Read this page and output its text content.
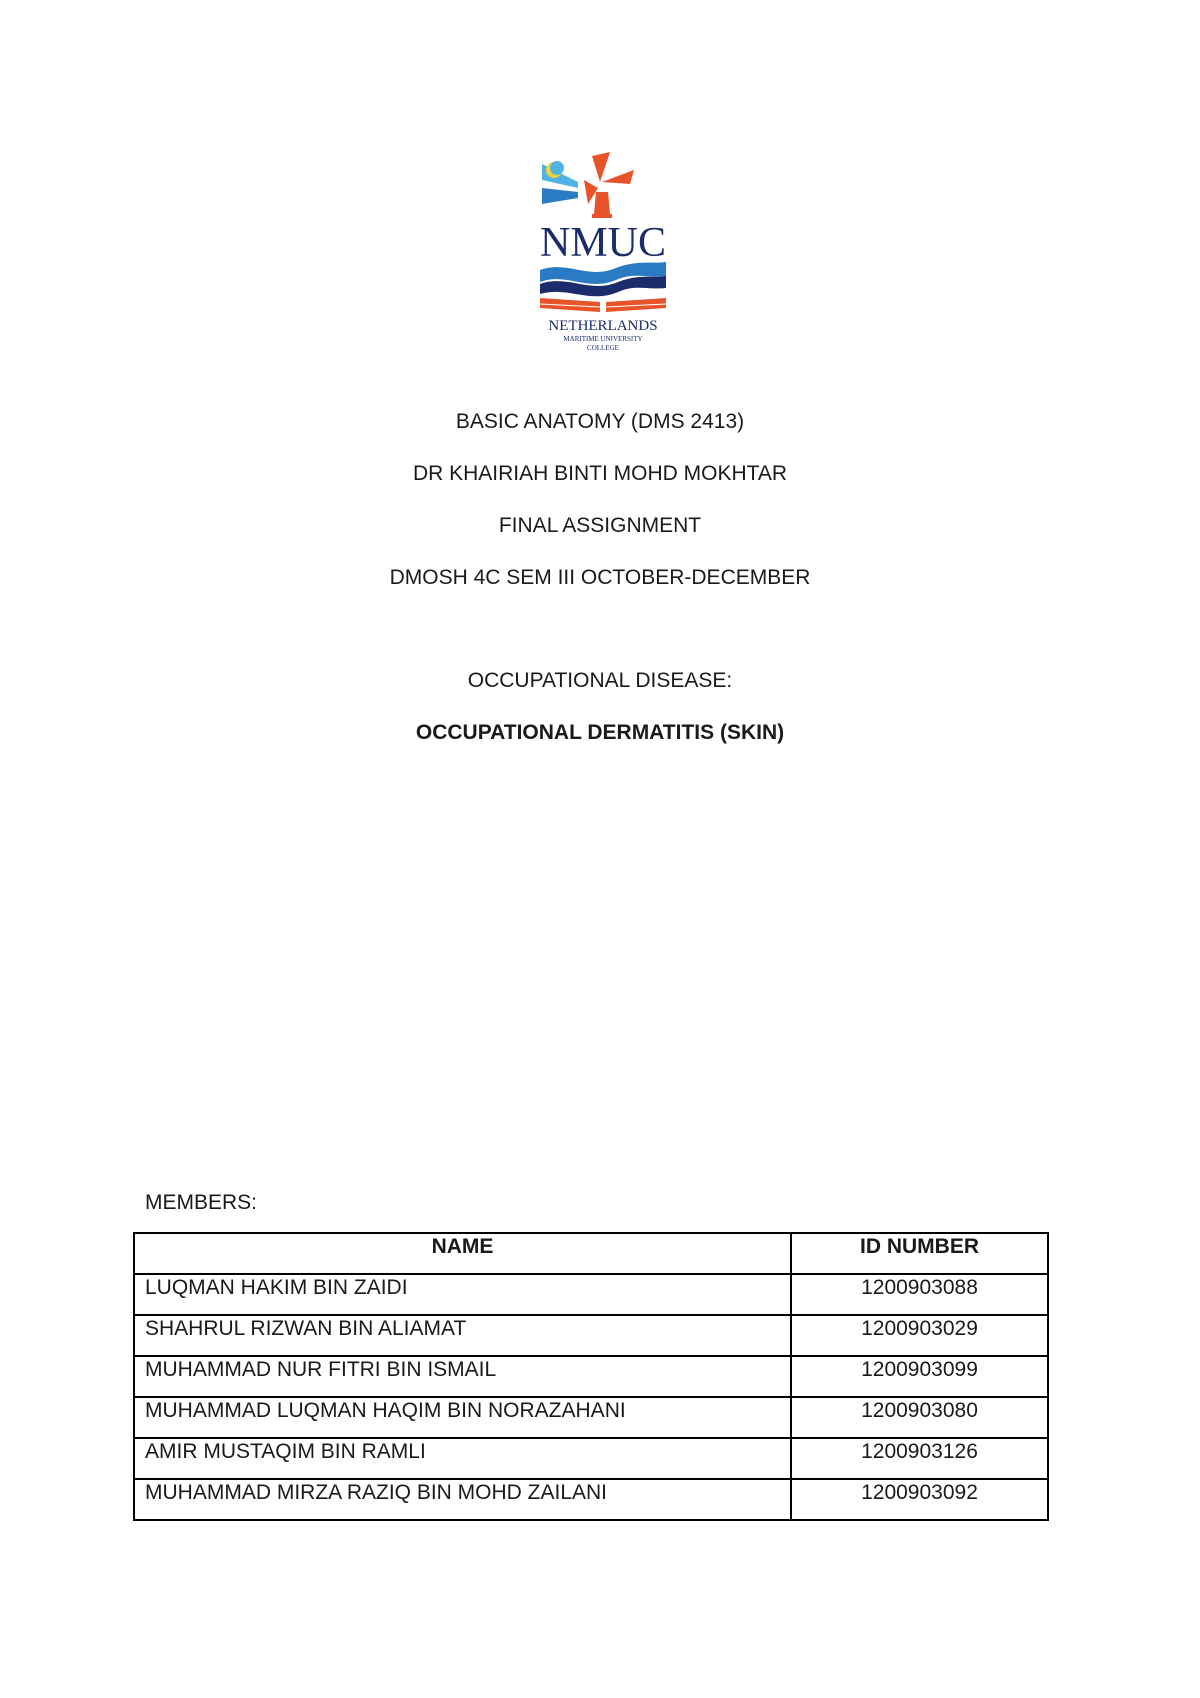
NMUC
NETHERLANDS
MARITIME UNIVERSITY
COLLEGE
BASIC ANATOMY (DMS 2413)
DR KHAIRIAH BINTI MOHD MOKHTAR
FINAL ASSIGNMENT
DMOSH 4C SEM III OCTOBER-DECEMBER
OCCUPATIONAL DISEASE:
OCCUPATIONAL DERMATITIS (SKIN)
MEMBERS:
NAME	ID NUMBER
LUQMAN HAKIM BIN ZAIDI	1200903088
SHAHRUL RIZWAN BIN ALIAMAT	1200903029
MUHAMMAD NUR FITRI BIN ISMAIL	1200903099
MUHAMMAD LUQMAN HAQIM BIN NORAZAHANI	1200903080
AMIR MUSTAQIM BIN RAMLI	1200903126
MUHAMMAD MIRZA RAZIQ BIN MOHD ZAILANI	1200903092
